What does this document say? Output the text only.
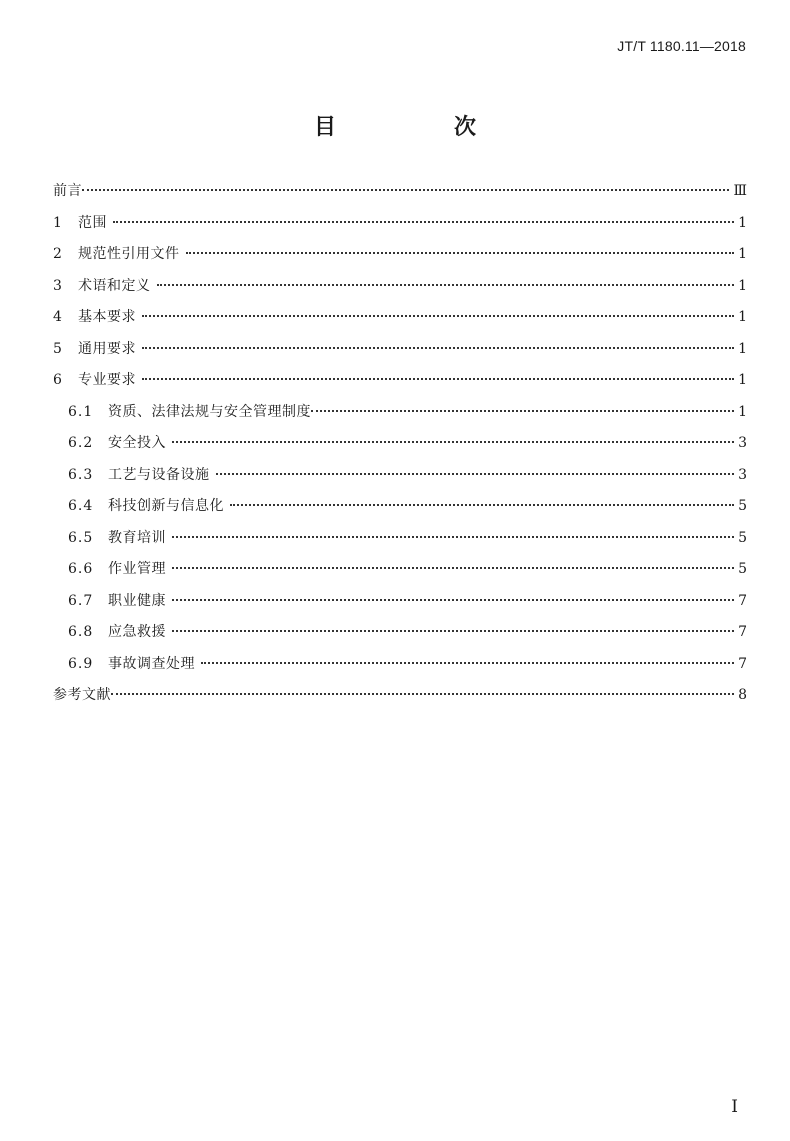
JT/T 1180.11—2018
目　次
前言	Ⅲ
1	范围	1
2	规范性引用文件	1
3	术语和定义	1
4	基本要求	1
5	通用要求	1
6	专业要求	1
6.1	资质、法律法规与安全管理制度	1
6.2	安全投入	3
6.3	工艺与设备设施	3
6.4	科技创新与信息化	5
6.5	教育培训	5
6.6	作业管理	5
6.7	职业健康	7
6.8	应急救援	7
6.9	事故调查处理	7
参考文献	8
I
